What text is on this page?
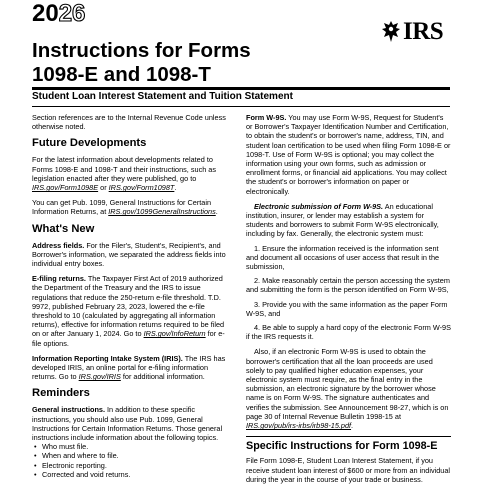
2026
IRS
Instructions for Forms
1098-E and 1098-T
Student Loan Interest Statement and Tuition Statement

Section references are to the Internal Revenue Code unless otherwise noted.

Future Developments

For the latest information about developments related to Forms 1098-E and 1098-T and their instructions, such as legislation enacted after they were published, go to IRS.gov/Form1098E or IRS.gov/Form1098T.

You can get Pub. 1099, General Instructions for Certain Information Returns, at IRS.gov/1099GeneralInstructions.

What's New

Address fields. For the Filer's, Student's, Recipient's, and Borrower's information, we separated the address fields into individual entry boxes.

E-filing returns. The Taxpayer First Act of 2019 authorized the Department of the Treasury and the IRS to issue regulations that reduce the 250-return e-file threshold. T.D. 9972, published February 23, 2023, lowered the e-file threshold to 10 (calculated by aggregating all information returns), effective for information returns required to be filed on or after January 1, 2024. Go to IRS.gov/InfoReturn for e-file options.

Information Reporting Intake System (IRIS). The IRS has developed IRIS, an online portal for e-filing information returns. Go to IRS.gov/IRIS for additional information.

Reminders

General instructions. In addition to these specific instructions, you should also use Pub. 1099, General Instructions for Certain Information Returns. Those general instructions include information about the following topics.

• Who must file.
• When and where to file.
• Electronic reporting.
• Corrected and void returns.

Form W-9S. You may use Form W-9S, Request for Student's or Borrower's Taxpayer Identification Number and Certification, to obtain the student's or borrower's name, address, TIN, and student loan certification to be used when filing Form 1098-E or 1098-T. Use of Form W-9S is optional; you may collect the information using your own forms, such as admission or enrollment forms, or financial aid applications. You may collect the student's or borrower's information on paper or electronically.

Electronic submission of Form W-9S. An educational institution, insurer, or lender may establish a system for students and borrowers to submit Form W-9S electronically, including by fax. Generally, the electronic system must:

1. Ensure the information received is the information sent and document all occasions of user access that result in the submission,

2. Make reasonably certain the person accessing the system and submitting the form is the person identified on Form W-9S,

3. Provide you with the same information as the paper Form W-9S, and

4. Be able to supply a hard copy of the electronic Form W-9S if the IRS requests it.

Also, if an electronic Form W-9S is used to obtain the borrower's certification that all the loan proceeds are used solely to pay qualified higher education expenses, your electronic system must require, as the final entry in the submission, an electronic signature by the borrower whose name is on Form W-9S. The signature authenticates and verifies the submission. See Announcement 98-27, which is on page 30 of Internal Revenue Bulletin 1998-15 at IRS.gov/pub/irs-irbs/irb98-15.pdf.

Specific Instructions for Form 1098-E

File Form 1098-E, Student Loan Interest Statement, if you receive student loan interest of $600 or more from an individual during the year in the course of your trade or business.
